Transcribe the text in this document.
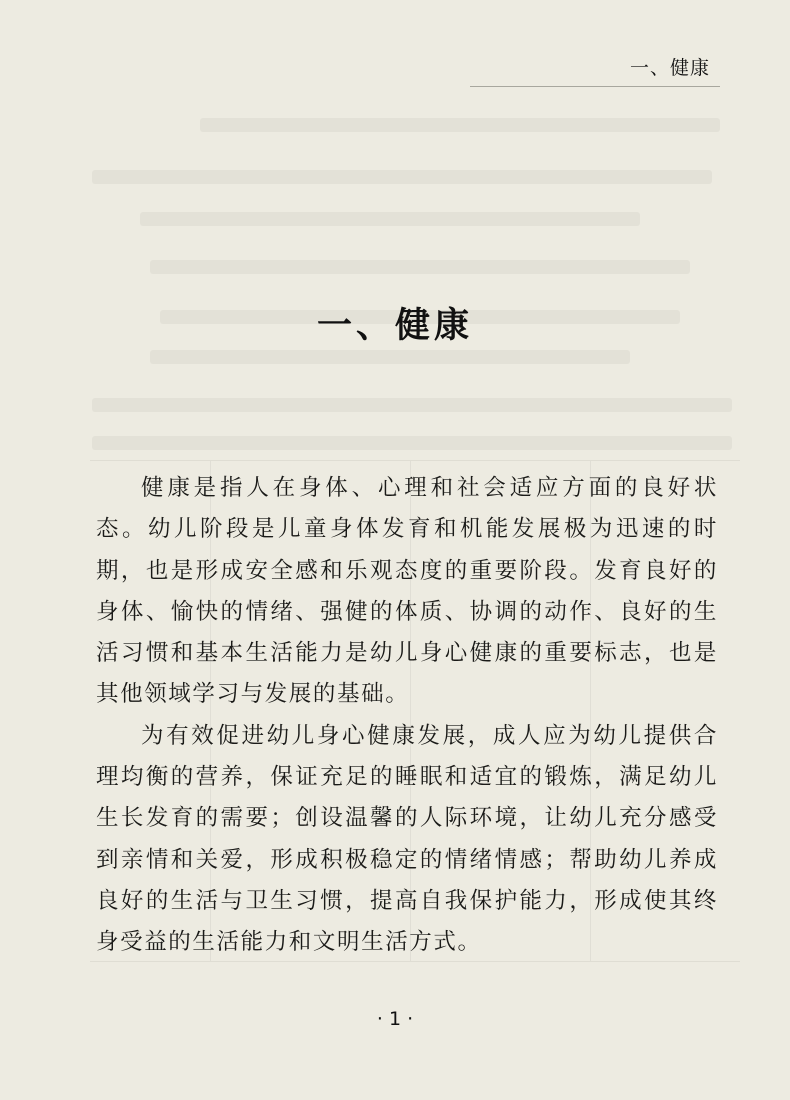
一、健康
一、健康

健康是指人在身体、心理和社会适应方面的良好状态。幼儿阶段是儿童身体发育和机能发展极为迅速的时期，也是形成安全感和乐观态度的重要阶段。发育良好的身体、愉快的情绪、强健的体质、协调的动作、良好的生活习惯和基本生活能力是幼儿身心健康的重要标志，也是其他领域学习与发展的基础。

为有效促进幼儿身心健康发展，成人应为幼儿提供合理均衡的营养，保证充足的睡眠和适宜的锻炼，满足幼儿生长发育的需要；创设温馨的人际环境，让幼儿充分感受到亲情和关爱，形成积极稳定的情绪情感；帮助幼儿养成良好的生活与卫生习惯，提高自我保护能力，形成使其终身受益的生活能力和文明生活方式。

· 1 ·
